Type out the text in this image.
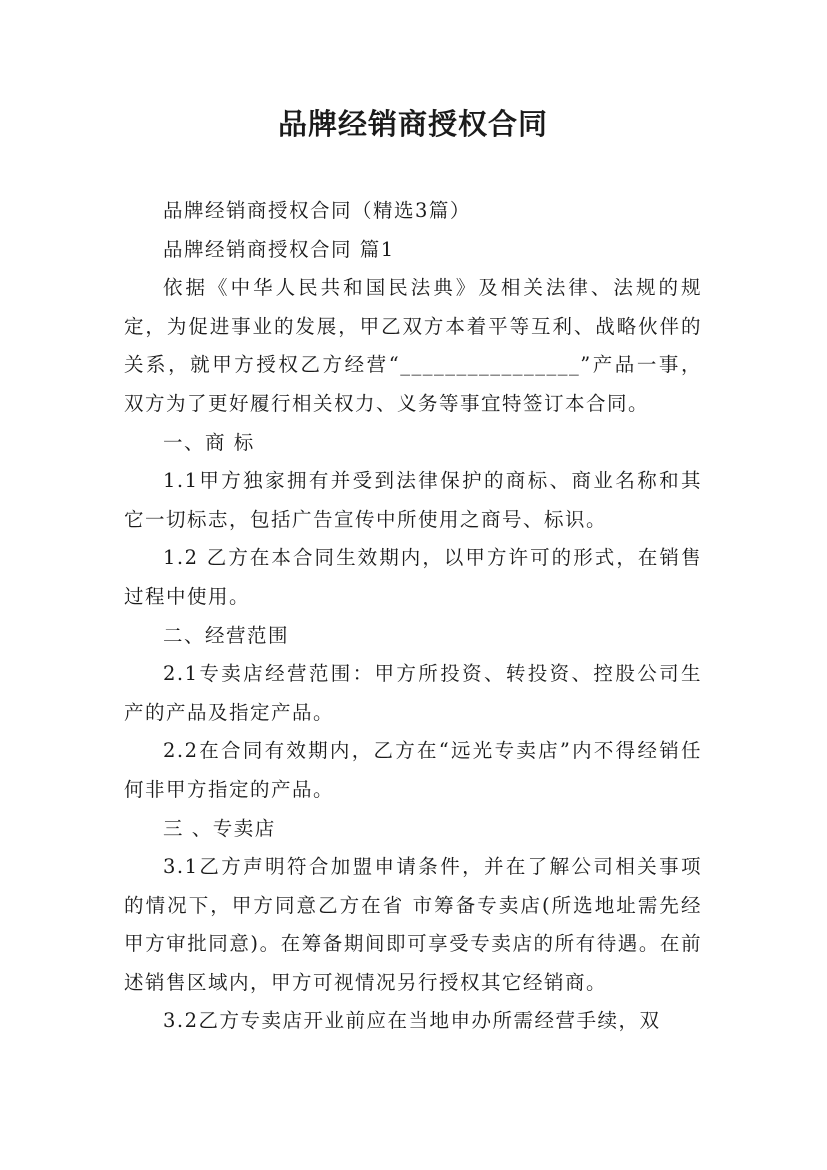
品牌经销商授权合同

品牌经销商授权合同（精选3篇）

品牌经销商授权合同 篇1

依据《中华人民共和国民法典》及相关法律、法规的规定，为促进事业的发展，甲乙双方本着平等互利、战略伙伴的关系，就甲方授权乙方经营“________________”产品一事，双方为了更好履行相关权力、义务等事宜特签订本合同。

一、商 标

1.1甲方独家拥有并受到法律保护的商标、商业名称和其它一切标志，包括广告宣传中所使用之商号、标识。

1.2 乙方在本合同生效期内，以甲方许可的形式，在销售过程中使用。

二、经营范围

2.1专卖店经营范围：甲方所投资、转投资、控股公司生产的产品及指定产品。

2.2在合同有效期内，乙方在“远光专卖店”内不得经销任何非甲方指定的产品。

三 、专卖店

3.1乙方声明符合加盟申请条件，并在了解公司相关事项的情况下，甲方同意乙方在省 市筹备专卖店(所选地址需先经甲方审批同意)。在筹备期间即可享受专卖店的所有待遇。在前述销售区域内，甲方可视情况另行授权其它经销商。

3.2乙方专卖店开业前应在当地申办所需经营手续，双
